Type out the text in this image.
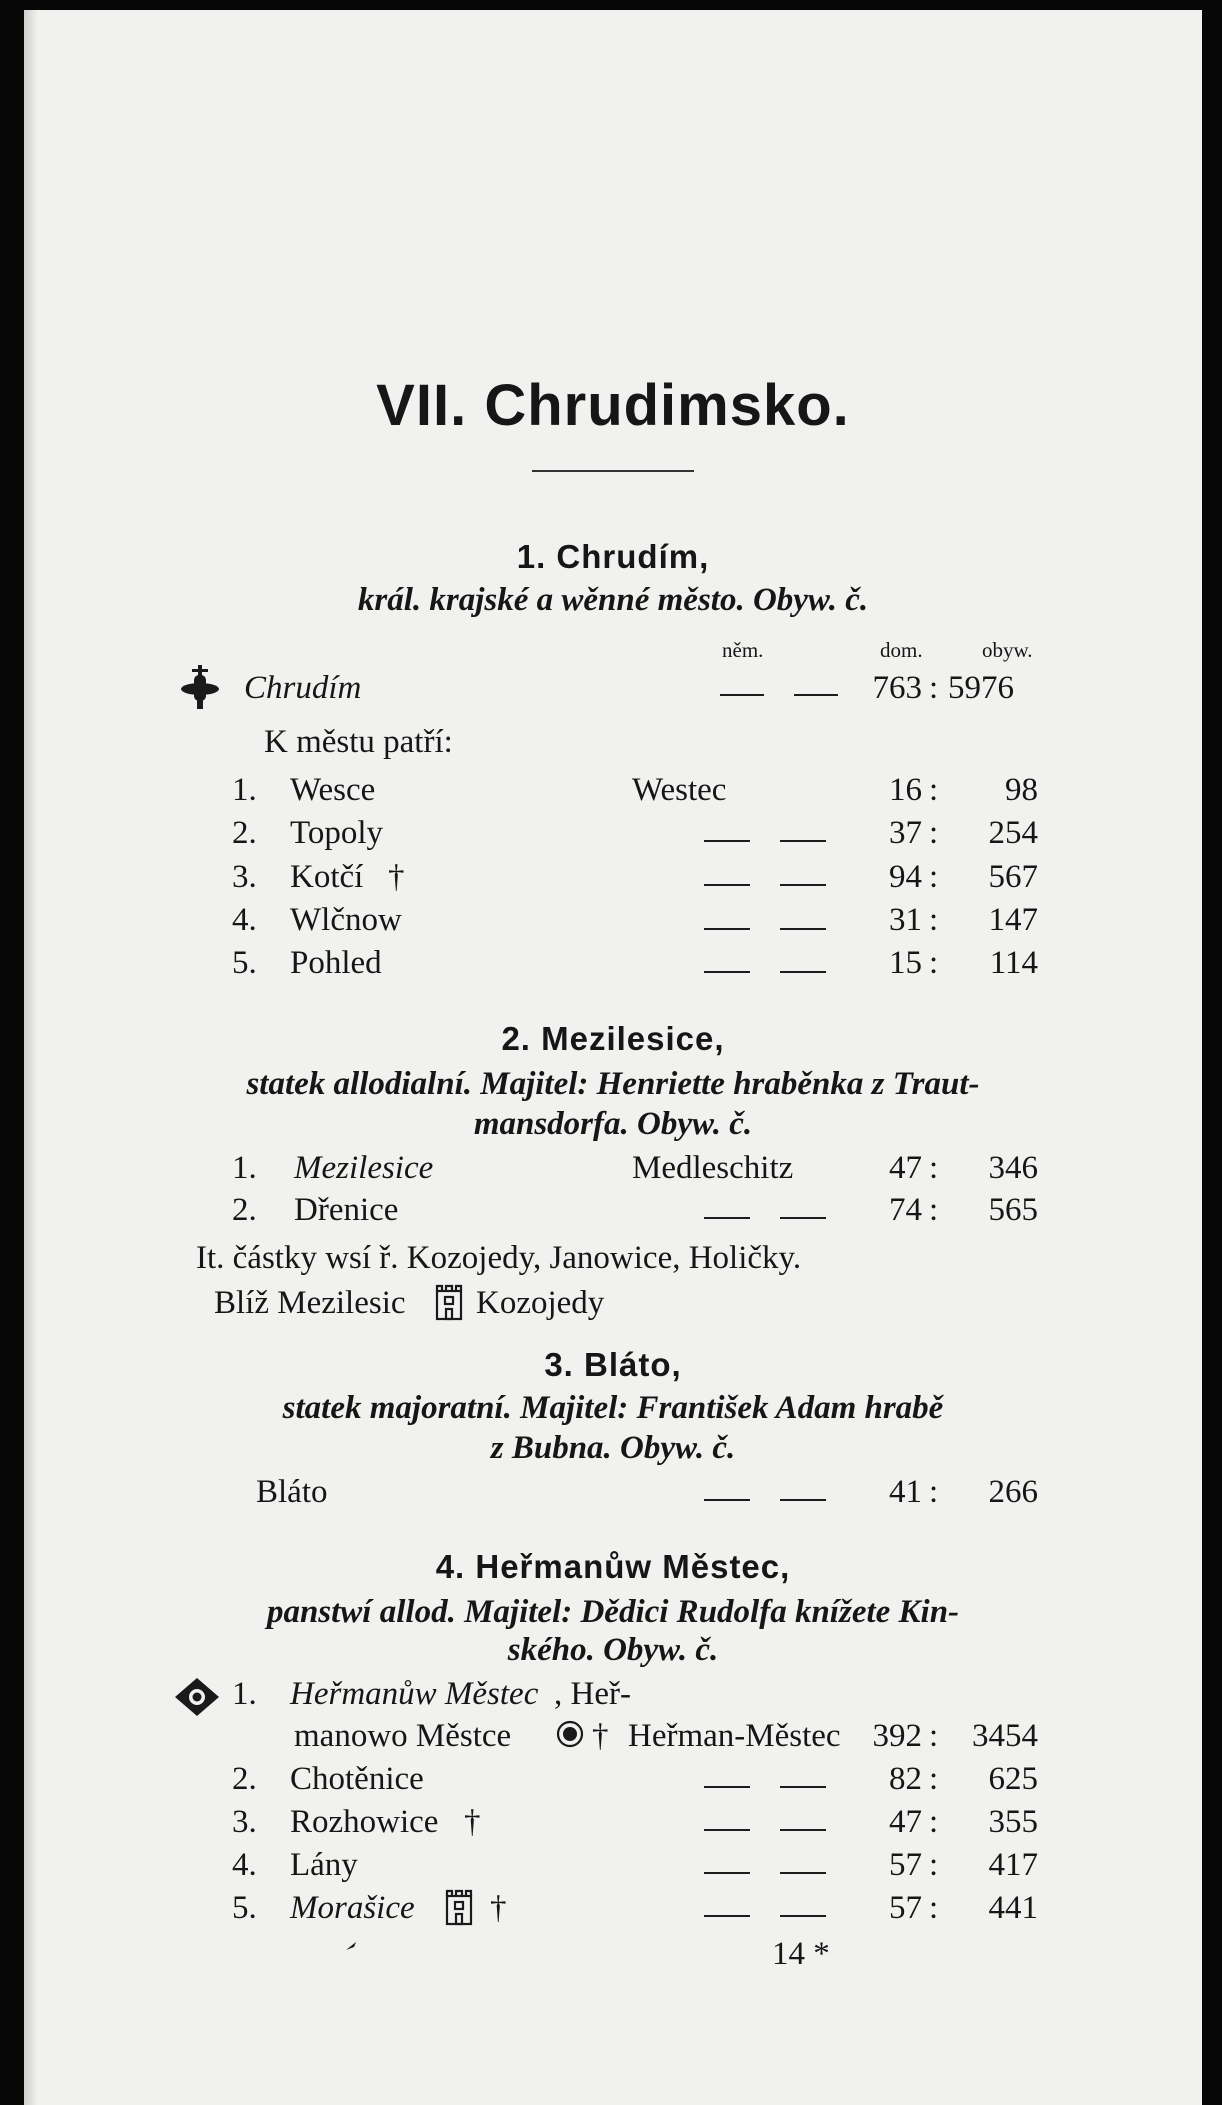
VII. Chrudimsko.
1. Chrudím,
král. krajské a wěnné město. Obyw. č.
něm.	dom.	obyw.
Chrudím	763 : 5976
K městu patří:
1. Wesce	Westec	16 :	98
2. Topoly	37 :	254
3. Kotčí †	94 :	567
4. Wlčnow	31 :	147
5. Pohled	15 :	114
2. Mezilesice,
statek allodialní. Majitel: Henriette hraběnka z Traut-
mansdorfa. Obyw. č.
1. Mezilesice	Medleschitz	47 :	346
2. Dřenice	74 :	565
It. částky wsí ř. Kozojedy, Janowice, Holičky.
Blíž Mezilesic Kozojedy
3. Bláto,
statek majoratní. Majitel: František Adam hrabě
z Bubna. Obyw. č.
Bláto	41 :	266
4. Heřmanůw Městec,
panstwí allod. Majitel: Dědici Rudolfa knížete Kin-
ského. Obyw. č.
1. Heřmanůw Městec , Heř-
manowo Městce † Heřman-Městec 392 :	3454
2. Chotěnice	82 :	625
3. Rozhowice †	47 :	355
4. Lány	57 :	417
5. Morašice †	57 :	441
14 *
